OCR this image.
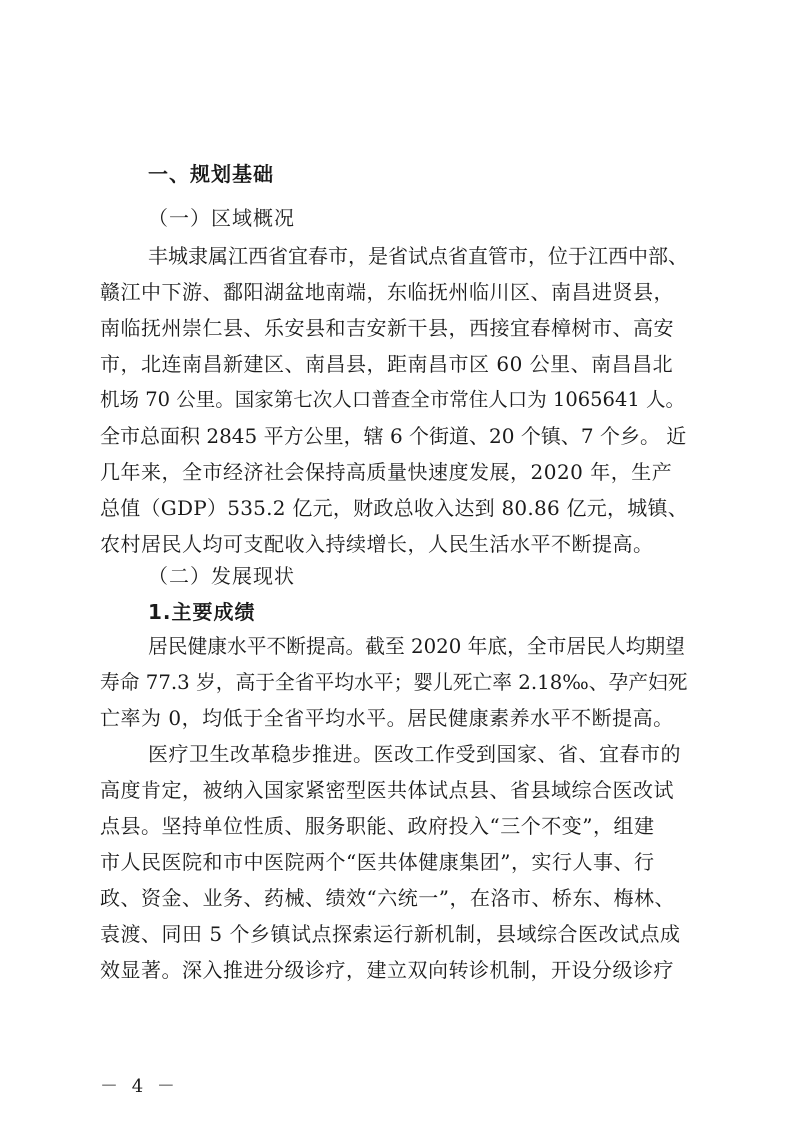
一、规划基础
（一）区域概况
丰城隶属江西省宜春市，是省试点省直管市，位于江西中部、
赣江中下游、鄱阳湖盆地南端，东临抚州临川区、南昌进贤县，
南临抚州崇仁县、乐安县和吉安新干县，西接宜春樟树市、高安
市，北连南昌新建区、南昌县，距南昌市区 60 公里、南昌昌北
机场 70 公里。国家第七次人口普查全市常住人口为 1065641 人。
全市总面积 2845 平方公里，辖 6 个街道、20 个镇、7 个乡。 近
几年来，全市经济社会保持高质量快速度发展，2020 年，生产
总值（GDP）535.2 亿元，财政总收入达到 80.86 亿元，城镇、
农村居民人均可支配收入持续增长，人民生活水平不断提高。
（二）发展现状
1.主要成绩
居民健康水平不断提高。截至 2020 年底，全市居民人均期望
寿命 77.3 岁，高于全省平均水平；婴儿死亡率 2.18‰、孕产妇死
亡率为 0，均低于全省平均水平。居民健康素养水平不断提高。
医疗卫生改革稳步推进。医改工作受到国家、省、宜春市的
高度肯定，被纳入国家紧密型医共体试点县、省县域综合医改试
点县。坚持单位性质、服务职能、政府投入“三个不变”，组建
市人民医院和市中医院两个“医共体健康集团”，实行人事、行
政、资金、业务、药械、绩效“六统一”，在洛市、桥东、梅林、
袁渡、同田 5 个乡镇试点探索运行新机制，县域综合医改试点成
效显著。深入推进分级诊疗，建立双向转诊机制，开设分级诊疗
－ 4 －
